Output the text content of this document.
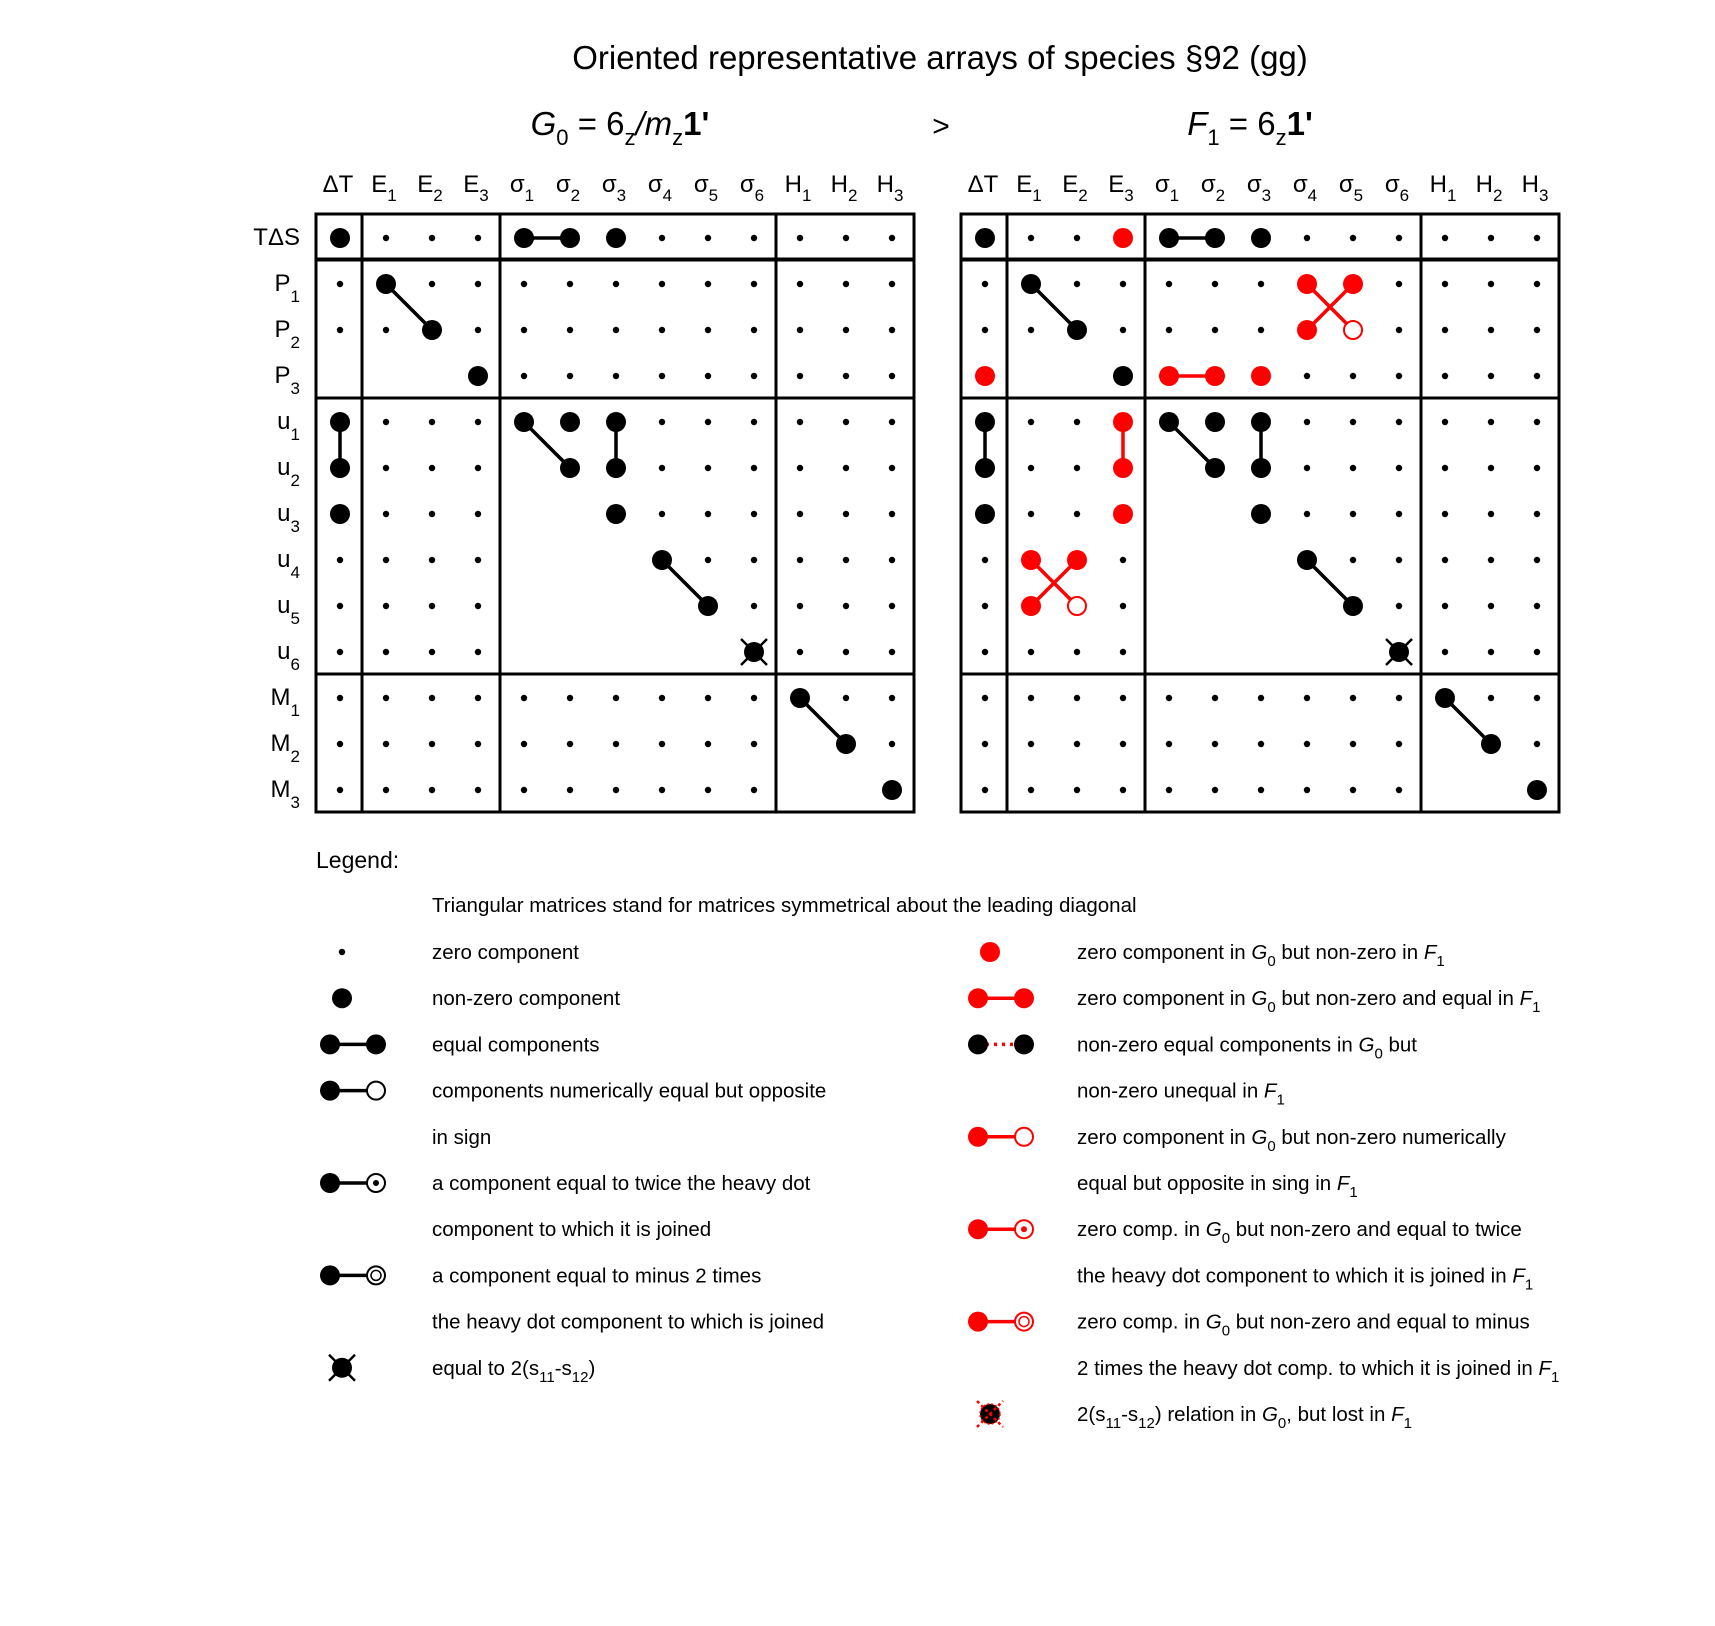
Oriented representative arrays of species §92 (gg)
$G_0 = 6_z/m_z1'$	>	$F_1 = 6_z1'$
ΔT $E_1$ $E_2$ $E_3$ $\sigma_1$ $\sigma_2$ $\sigma_3$ $\sigma_4$ $\sigma_5$ $\sigma_6$ $H_1$ $H_2$ $H_3$
TΔS
$P_1$
$P_2$
$P_3$
$u_1$
$u_2$
$u_3$
$u_4$
$u_5$
$u_6$
$M_1$
$M_2$
$M_3$
ΔT $E_1$ $E_2$ $E_3$ $\sigma_1$ $\sigma_2$ $\sigma_3$ $\sigma_4$ $\sigma_5$ $\sigma_6$ $H_1$ $H_2$ $H_3$
Legend:
Triangular matrices stand for matrices symmetrical about the leading diagonal
zero component
non-zero component
equal components
components numerically equal but opposite
in sign
a component equal to twice the heavy dot
component to which it is joined
a component equal to minus 2 times
the heavy dot component to which is joined
equal to $2(s_{11}-s_{12})$
zero component in $G_0$ but non-zero in $F_1$
zero component in $G_0$ but non-zero and equal in $F_1$
non-zero equal components in $G_0$ but
non-zero unequal in $F_1$
zero component in $G_0$ but non-zero numerically
equal but opposite in sing in $F_1$
zero comp. in $G_0$ but non-zero and equal to twice
the heavy dot component to which it is joined in $F_1$
zero comp. in $G_0$ but non-zero and equal to minus
2 times the heavy dot comp. to which it is joined in $F_1$
$2(s_{11}-s_{12})$ relation in $G_0$, but lost in $F_1$
